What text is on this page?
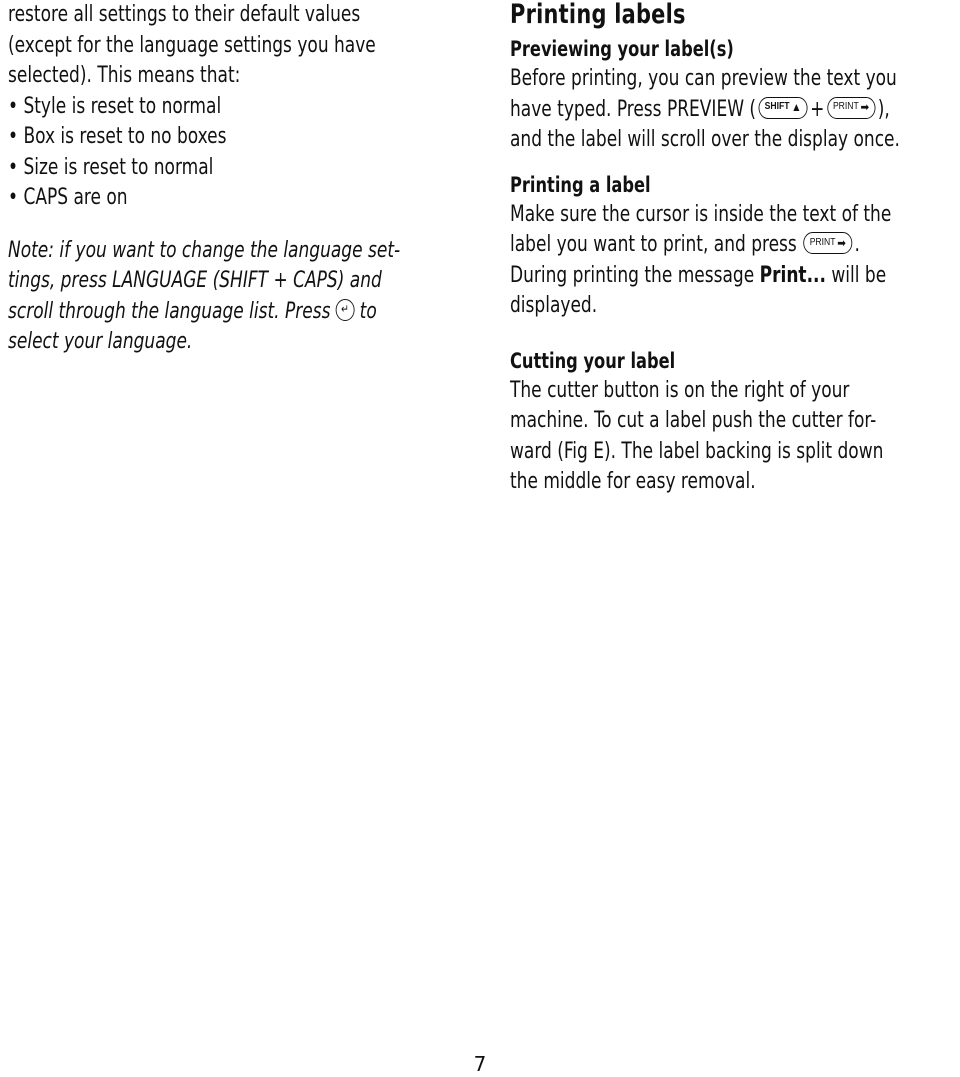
restore all settings to their default values
(except for the language settings you have
selected). This means that:
• Style is reset to normal
• Box is reset to no boxes
• Size is reset to normal
• CAPS are on
Note: if you want to change the language set-
tings, press LANGUAGE (SHIFT + CAPS) and
scroll through the language list. Press ↵ to
select your language.
Printing labels
Previewing your label(s)
Before printing, you can preview the text you
have typed. Press PREVIEW ( SHIFT ▲ + PRINT ➡ ),
and the label will scroll over the display once.
Printing a label
Make sure the cursor is inside the text of the
label you want to print, and press PRINT ➡ .
During printing the message Print... will be
displayed.
Cutting your label
The cutter button is on the right of your
machine. To cut a label push the cutter for-
ward (Fig E). The label backing is split down
the middle for easy removal.
7
